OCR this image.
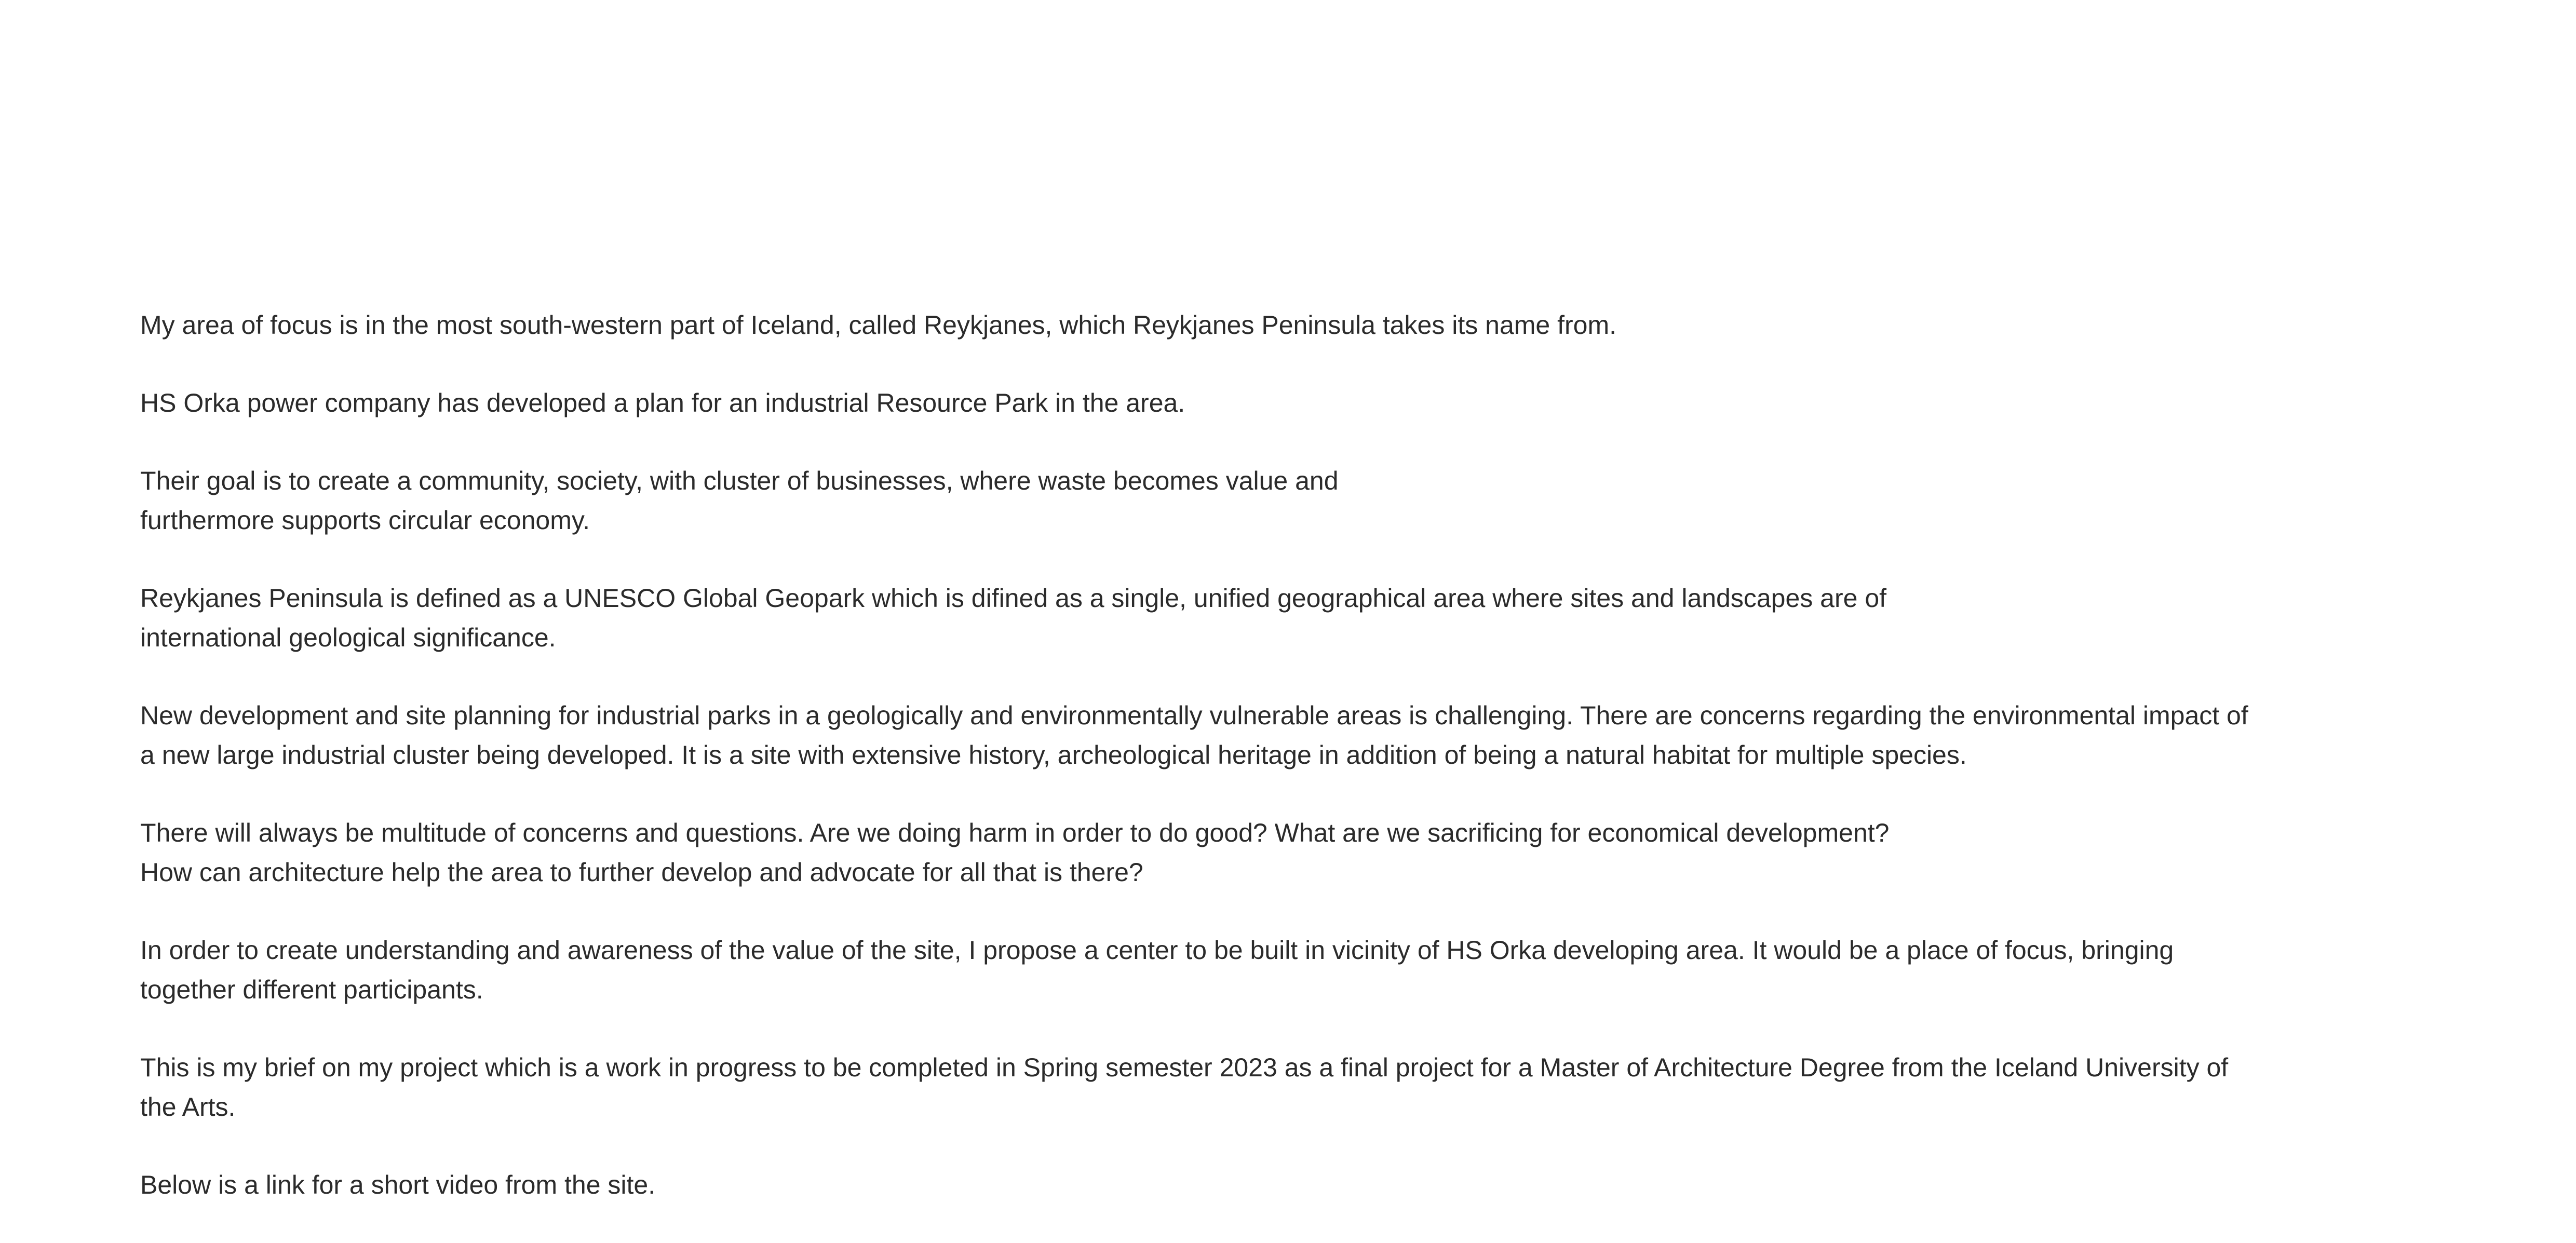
My area of focus is in the most south-western part of Iceland, called Reykjanes, which Reykjanes Peninsula takes its name from.

HS Orka power company has developed a plan for an industrial Resource Park in the area.

Their goal is to create a community, society, with cluster of businesses, where waste becomes value and
furthermore supports circular economy.

Reykjanes Peninsula is defined as a UNESCO Global Geopark which is difined as a single, unified geographical area where sites and landscapes are of
international geological significance.

New development and site planning for industrial parks in a geologically and environmentally vulnerable areas is challenging. There are concerns regarding the environmental impact of
a new large industrial cluster being developed. It is a site with extensive history, archeological heritage in addition of being a natural habitat for multiple species.

There will always be multitude of concerns and questions. Are we doing harm in order to do good? What are we sacrificing for economical development?
How can architecture help the area to further develop and advocate for all that is there?

In order to create understanding and awareness of the value of the site, I propose a center to be built in vicinity of HS Orka developing area. It would be a place of focus, bringing
together different participants.

This is my brief on my project which is a work in progress to be completed in Spring semester 2023 as a final project for a Master of Architecture Degree from the Iceland University of
the Arts.

Below is a link for a short video from the site.
